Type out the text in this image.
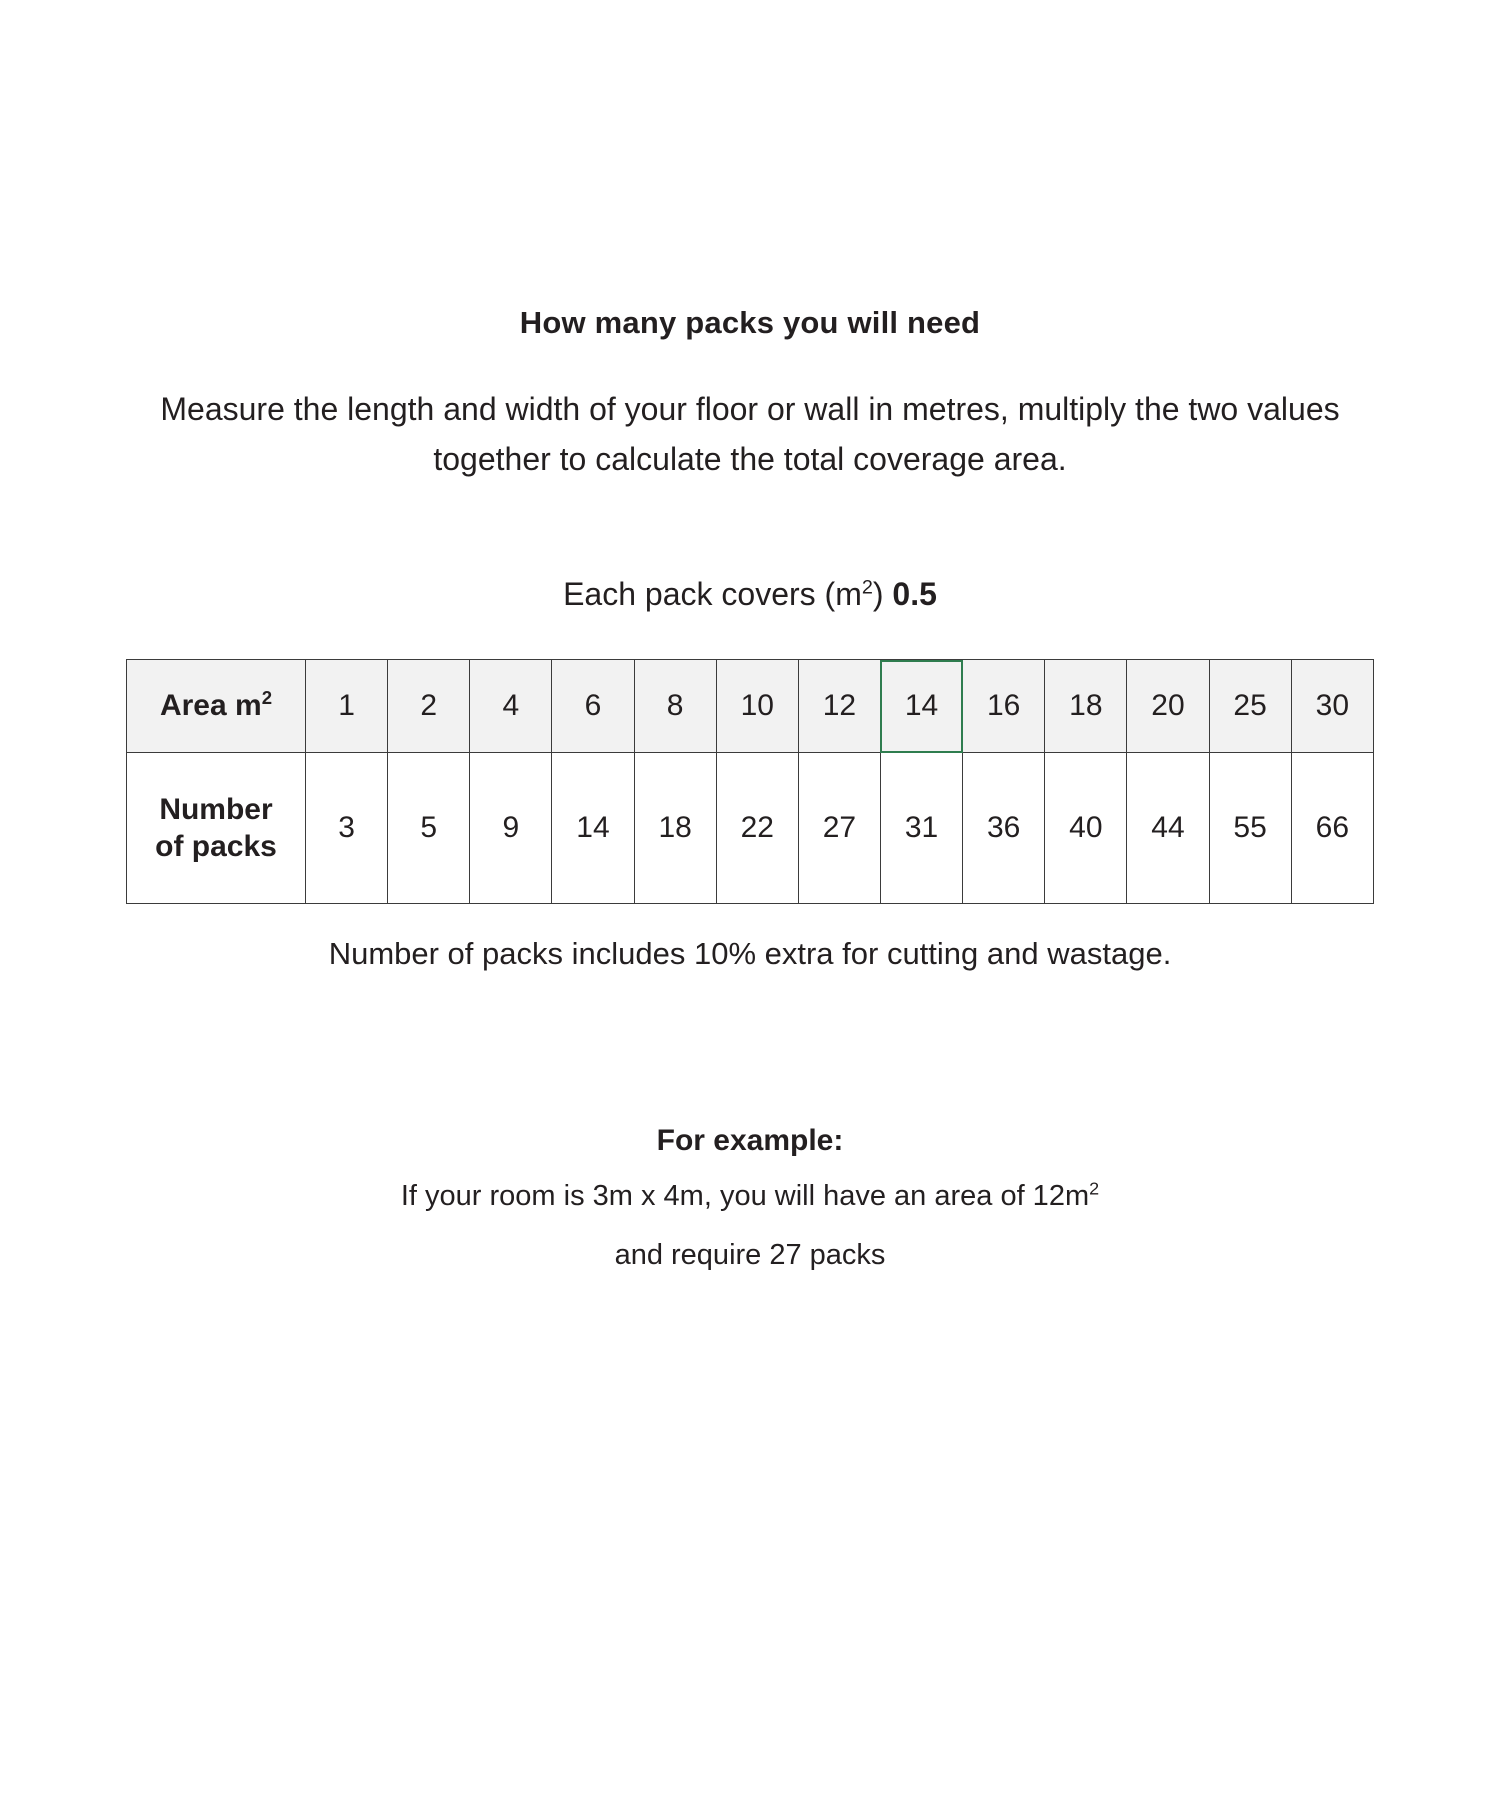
How many packs you will need
Measure the length and width of your floor or wall in metres, multiply the two values together to calculate the total coverage area.
Each pack covers $(m^2)$ 0.5
Area $m^2$	1	2	4	6	8	10	12	14	16	18	20	25	30
Number
of packs	3	5	9	14	18	22	27	31	36	40	44	55	66
Number of packs includes 10% extra for cutting and wastage.
For example:
If your room is 3m x 4m, you will have an area of $12m^2$
and require 27 packs
